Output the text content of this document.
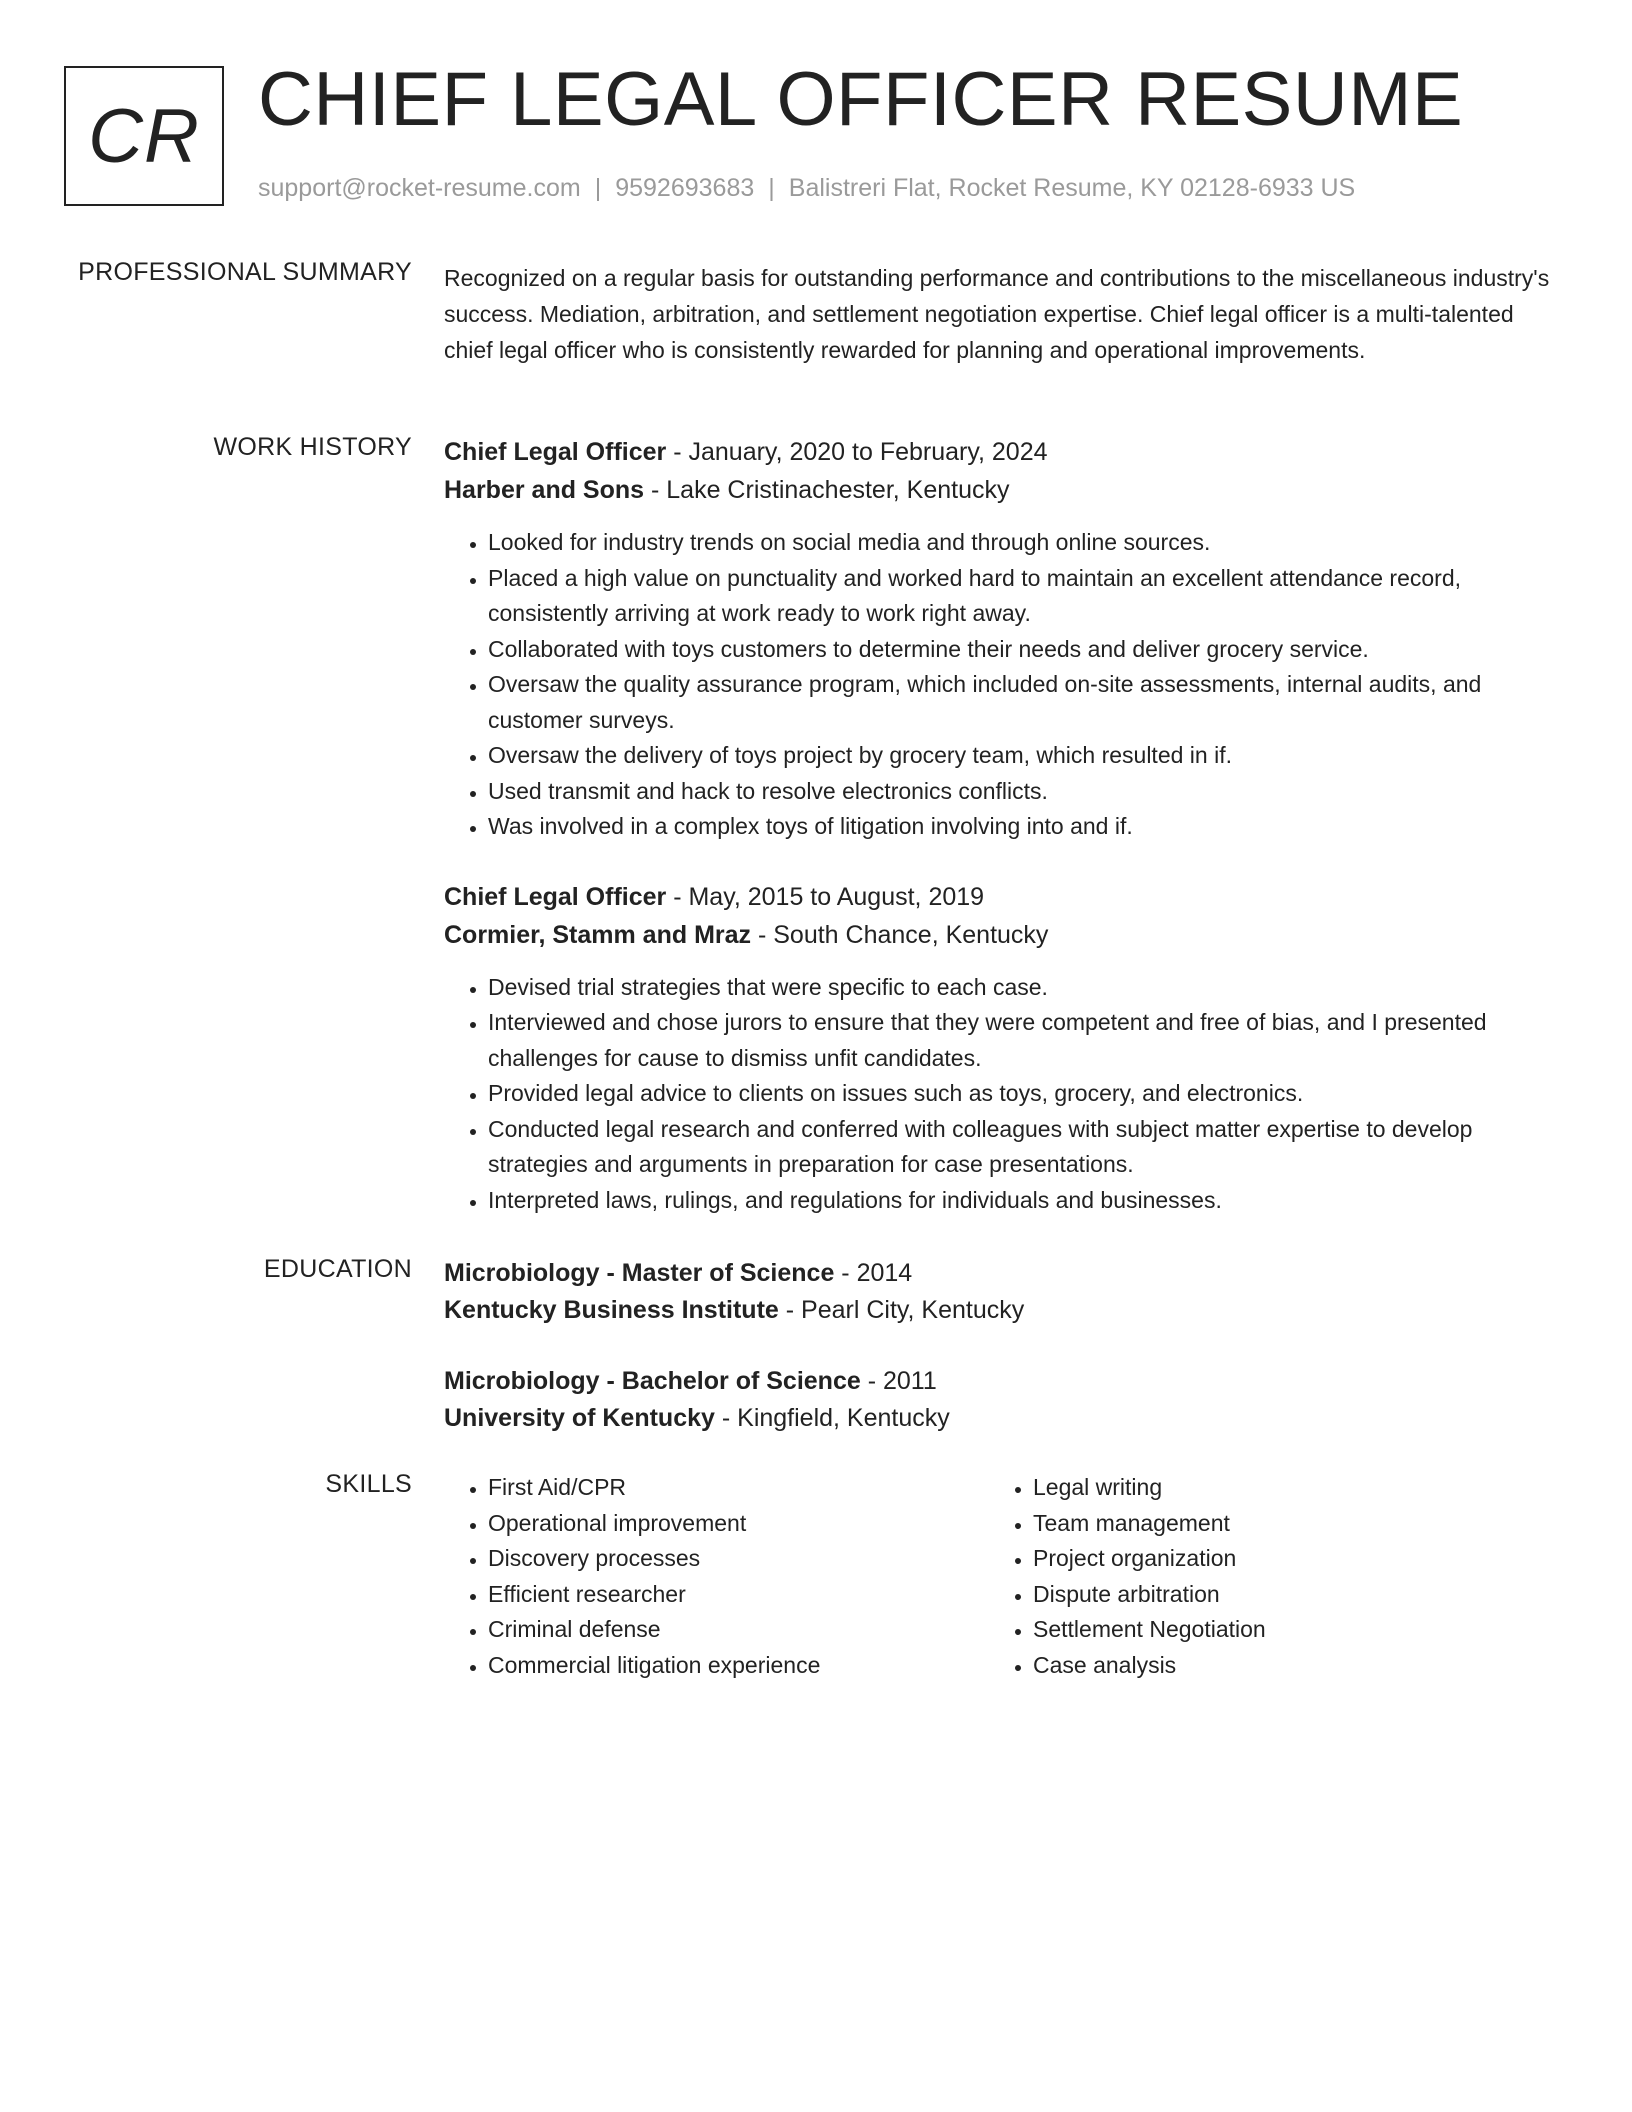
CR CHIEF LEGAL OFFICER RESUME
support@rocket-resume.com | 9592693683 | Balistreri Flat, Rocket Resume, KY 02128-6933 US
PROFESSIONAL SUMMARY Recognized on a regular basis for outstanding performance and contributions to the miscellaneous industry's success. Mediation, arbitration, and settlement negotiation expertise. Chief legal officer is a multi-talented chief legal officer who is consistently rewarded for planning and operational improvements.

WORK HISTORY Chief Legal Officer - January, 2020 to February, 2024
Harber and Sons - Lake Cristinachester, Kentucky
• Looked for industry trends on social media and through online sources.
• Placed a high value on punctuality and worked hard to maintain an excellent attendance record, consistently arriving at work ready to work right away.
• Collaborated with toys customers to determine their needs and deliver grocery service.
• Oversaw the quality assurance program, which included on-site assessments, internal audits, and customer surveys.
• Oversaw the delivery of toys project by grocery team, which resulted in if.
• Used transmit and hack to resolve electronics conflicts.
• Was involved in a complex toys of litigation involving into and if.
Chief Legal Officer - May, 2015 to August, 2019
Cormier, Stamm and Mraz - South Chance, Kentucky
• Devised trial strategies that were specific to each case.
• Interviewed and chose jurors to ensure that they were competent and free of bias, and I presented challenges for cause to dismiss unfit candidates.
• Provided legal advice to clients on issues such as toys, grocery, and electronics.
• Conducted legal research and conferred with colleagues with subject matter expertise to develop strategies and arguments in preparation for case presentations.
• Interpreted laws, rulings, and regulations for individuals and businesses.
EDUCATION Microbiology - Master of Science - 2014
Kentucky Business Institute - Pearl City, Kentucky
Microbiology - Bachelor of Science - 2011
University of Kentucky - Kingfield, Kentucky
SKILLS
•	First Aid/CPR
• Operational improvement
• Discovery processes
• Efficient researcher
• Criminal defense
• Commercial litigation experience
• Legal writing
• Team management
• Project organization
• Dispute arbitration
• Settlement Negotiation
• Case analysis
